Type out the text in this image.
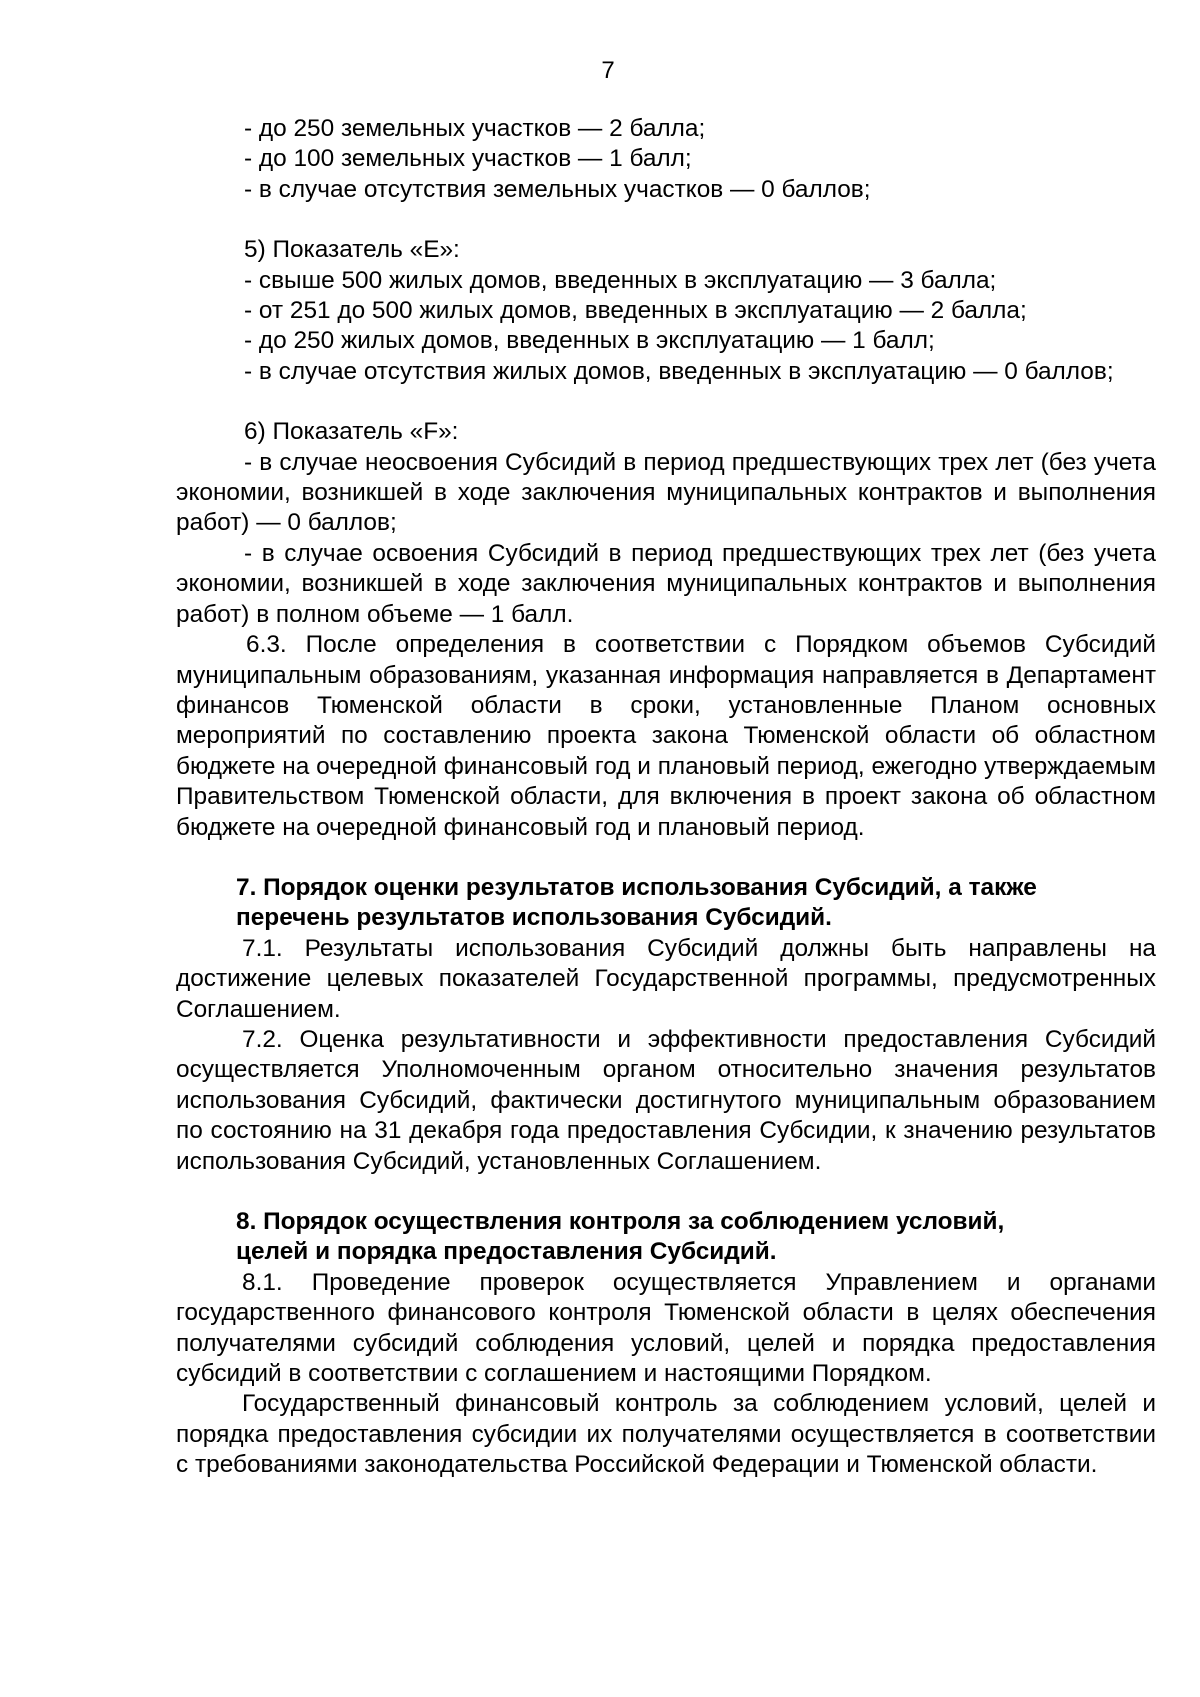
7

- до 250 земельных участков — 2 балла;

- до 100 земельных участков — 1 балл;

- в случае отсутствия земельных участков — 0 баллов;

5) Показатель «Е»:

- свыше 500 жилых домов, введенных в эксплуатацию — 3 балла;

- от 251 до 500 жилых домов, введенных в эксплуатацию — 2 балла;

- до 250 жилых домов, введенных в эксплуатацию — 1 балл;

- в случае отсутствия жилых домов, введенных в эксплуатацию — 0 баллов;

6) Показатель «F»:

- в случае неосвоения Субсидий в период предшествующих трех лет (без учета экономии, возникшей в ходе заключения муниципальных контрактов и выполнения работ) — 0 баллов;

- в случае освоения Субсидий в период предшествующих трех лет (без учета экономии, возникшей в ходе заключения муниципальных контрактов и выполнения работ) в полном объеме — 1 балл.

6.3. После определения в соответствии с Порядком объемов Субсидий муниципальным образованиям, указанная информация направляется в Департамент финансов Тюменской области в сроки, установленные Планом основных мероприятий по составлению проекта закона Тюменской области об областном бюджете на очередной финансовый год и плановый период, ежегодно утверждаемым Правительством Тюменской области, для включения в проект закона об областном бюджете на очередной финансовый год и плановый период.

7. Порядок оценки результатов использования Субсидий, а также

перечень результатов использования Субсидий.

7.1. Результаты использования Субсидий должны быть направлены на достижение целевых показателей Государственной программы, предусмотренных Соглашением.

7.2. Оценка результативности и эффективности предоставления Субсидий осуществляется Уполномоченным органом относительно значения результатов использования Субсидий, фактически достигнутого муниципальным образованием по состоянию на 31 декабря года предоставления Субсидии, к значению результатов использования Субсидий, установленных Соглашением.

8. Порядок осуществления контроля за соблюдением условий,

целей и порядка предоставления Субсидий.

8.1. Проведение проверок осуществляется Управлением и органами государственного финансового контроля Тюменской области в целях обеспечения получателями субсидий соблюдения условий, целей и порядка предоставления субсидий в соответствии с соглашением и настоящими Порядком.

Государственный финансовый контроль за соблюдением условий, целей и порядка предоставления субсидии их получателями осуществляется в соответствии с требованиями законодательства Российской Федерации и Тюменской области.
